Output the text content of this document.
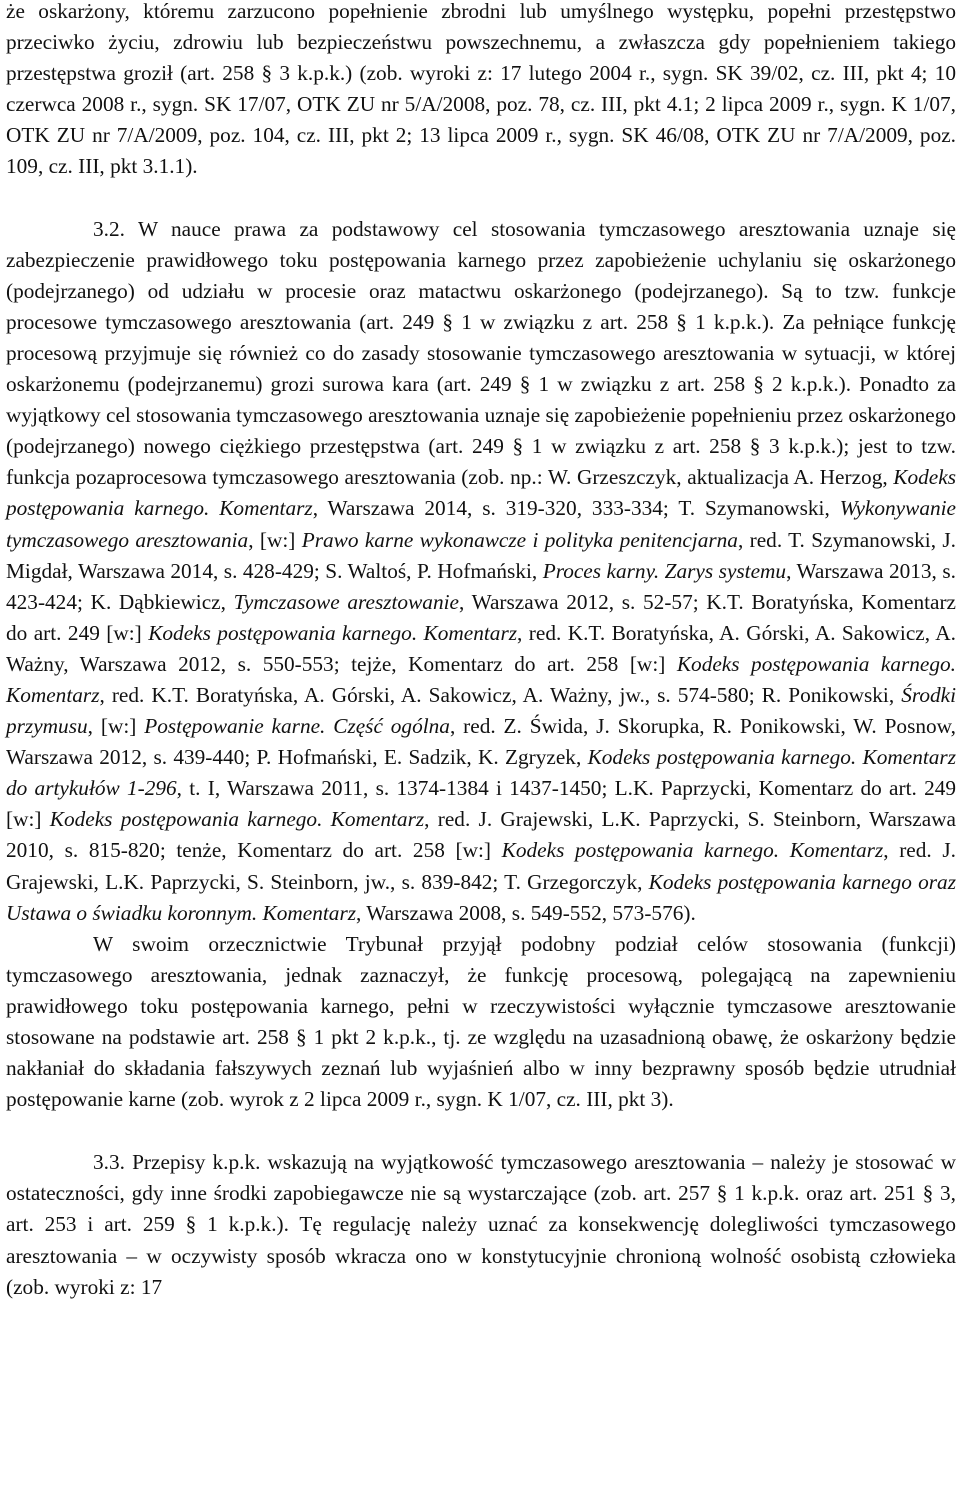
że oskarżony, któremu zarzucono popełnienie zbrodni lub umyślnego występku, popełni przestępstwo przeciwko życiu, zdrowiu lub bezpieczeństwu powszechnemu, a zwłaszcza gdy popełnieniem takiego przestępstwa groził (art. 258 § 3 k.p.k.) (zob. wyroki z: 17 lutego 2004 r., sygn. SK 39/02, cz. III, pkt 4; 10 czerwca 2008 r., sygn. SK 17/07, OTK ZU nr 5/A/2008, poz. 78, cz. III, pkt 4.1; 2 lipca 2009 r., sygn. K 1/07, OTK ZU nr 7/A/2009, poz. 104, cz. III, pkt 2; 13 lipca 2009 r., sygn. SK 46/08, OTK ZU nr 7/A/2009, poz. 109, cz. III, pkt 3.1.1).

3.2. W nauce prawa za podstawowy cel stosowania tymczasowego aresztowania uznaje się zabezpieczenie prawidłowego toku postępowania karnego przez zapobieżenie uchylaniu się oskarżonego (podejrzanego) od udziału w procesie oraz matactwu oskarżonego (podejrzanego). Są to tzw. funkcje procesowe tymczasowego aresztowania (art. 249 § 1 w związku z art. 258 § 1 k.p.k.). Za pełniące funkcję procesową przyjmuje się również co do zasady stosowanie tymczasowego aresztowania w sytuacji, w której oskarżonemu (podejrzanemu) grozi surowa kara (art. 249 § 1 w związku z art. 258 § 2 k.p.k.). Ponadto za wyjątkowy cel stosowania tymczasowego aresztowania uznaje się zapobieżenie popełnieniu przez oskarżonego (podejrzanego) nowego ciężkiego przestępstwa (art. 249 § 1 w związku z art. 258 § 3 k.p.k.); jest to tzw. funkcja pozaprocesowa tymczasowego aresztowania (zob. np.: W. Grzeszczyk, aktualizacja A. Herzog, Kodeks postępowania karnego. Komentarz, Warszawa 2014, s. 319-320, 333-334; T. Szymanowski, Wykonywanie tymczasowego aresztowania, [w:] Prawo karne wykonawcze i polityka penitencjarna, red. T. Szymanowski, J. Migdał, Warszawa 2014, s. 428-429; S. Waltoś, P. Hofmański, Proces karny. Zarys systemu, Warszawa 2013, s. 423-424; K. Dąbkiewicz, Tymczasowe aresztowanie, Warszawa 2012, s. 52-57; K.T. Boratyńska, Komentarz do art. 249 [w:] Kodeks postępowania karnego. Komentarz, red. K.T. Boratyńska, A. Górski, A. Sakowicz, A. Ważny, Warszawa 2012, s. 550-553; tejże, Komentarz do art. 258 [w:] Kodeks postępowania karnego. Komentarz, red. K.T. Boratyńska, A. Górski, A. Sakowicz, A. Ważny, jw., s. 574-580; R. Ponikowski, Środki przymusu, [w:] Postępowanie karne. Część ogólna, red. Z. Świda, J. Skorupka, R. Ponikowski, W. Posnow, Warszawa 2012, s. 439-440; P. Hofmański, E. Sadzik, K. Zgryzek, Kodeks postępowania karnego. Komentarz do artykułów 1-296, t. I, Warszawa 2011, s. 1374-1384 i 1437-1450; L.K. Paprzycki, Komentarz do art. 249 [w:] Kodeks postępowania karnego. Komentarz, red. J. Grajewski, L.K. Paprzycki, S. Steinborn, Warszawa 2010, s. 815-820; tenże, Komentarz do art. 258 [w:] Kodeks postępowania karnego. Komentarz, red. J. Grajewski, L.K. Paprzycki, S. Steinborn, jw., s. 839-842; T. Grzegorczyk, Kodeks postępowania karnego oraz Ustawa o świadku koronnym. Komentarz, Warszawa 2008, s. 549-552, 573-576).

W swoim orzecznictwie Trybunał przyjął podobny podział celów stosowania (funkcji) tymczasowego aresztowania, jednak zaznaczył, że funkcję procesową, polegającą na zapewnieniu prawidłowego toku postępowania karnego, pełni w rzeczywistości wyłącznie tymczasowe aresztowanie stosowane na podstawie art. 258 § 1 pkt 2 k.p.k., tj. ze względu na uzasadnioną obawę, że oskarżony będzie nakłaniał do składania fałszywych zeznań lub wyjaśnień albo w inny bezprawny sposób będzie utrudniał postępowanie karne (zob. wyrok z 2 lipca 2009 r., sygn. K 1/07, cz. III, pkt 3).

3.3. Przepisy k.p.k. wskazują na wyjątkowość tymczasowego aresztowania – należy je stosować w ostateczności, gdy inne środki zapobiegawcze nie są wystarczające (zob. art. 257 § 1 k.p.k. oraz art. 251 § 3, art. 253 i art. 259 § 1 k.p.k.). Tę regulację należy uznać za konsekwencję dolegliwości tymczasowego aresztowania – w oczywisty sposób wkracza ono w konstytucyjnie chronioną wolność osobistą człowieka (zob. wyroki z: 17
